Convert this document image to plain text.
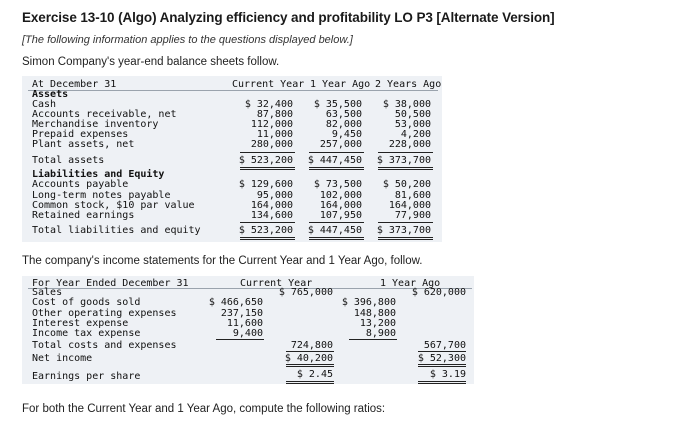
Exercise 13-10 (Algo) Analyzing efficiency and profitability LO P3 [Alternate Version]
[The following information applies to the questions displayed below.]
Simon Company's year-end balance sheets follow.
At December 31	Current Year 1 Year Ago 2 Years Ago
Assets
Cash	$ 32,400 $ 35,500 $ 38,000
Accounts receivable, net	87,800	63,500	50,500
Merchandise inventory	112,000	82,000	53,000
Prepaid expenses	11,000	9,450	4,200
Plant assets, net	280,000	257,000	228,000
Total assets	$ 523,200 $ 447,450 $ 373,700
Liabilities and Equity
Accounts payable	$ 129,600 $ 73,500 $ 50,200
Long-term notes payable	95,000	102,000	81,600
Common stock, $10 par value	164,000	164,000	164,000
Retained earnings	134,600	107,950	77,900
Total liabilities and equity	$ 523,200 $ 447,450 $ 373,700
The company's income statements for the Current Year and 1 Year Ago, follow.
For Year Ended December 31	Current Year	1 Year Ago
Sales	$ 765,000	$ 620,000
Cost of goods sold	$ 466,650	$ 396,800
Other operating expenses	237,150	148,800
Interest expense	11,600	13,200
Income tax expense	9,400	8,900
Total costs and expenses	724,800	567,700
Net income	$ 40,200	$ 52,300
Earnings per share	$ 2.45	$ 3.19
For both the Current Year and 1 Year Ago, compute the following ratios:
